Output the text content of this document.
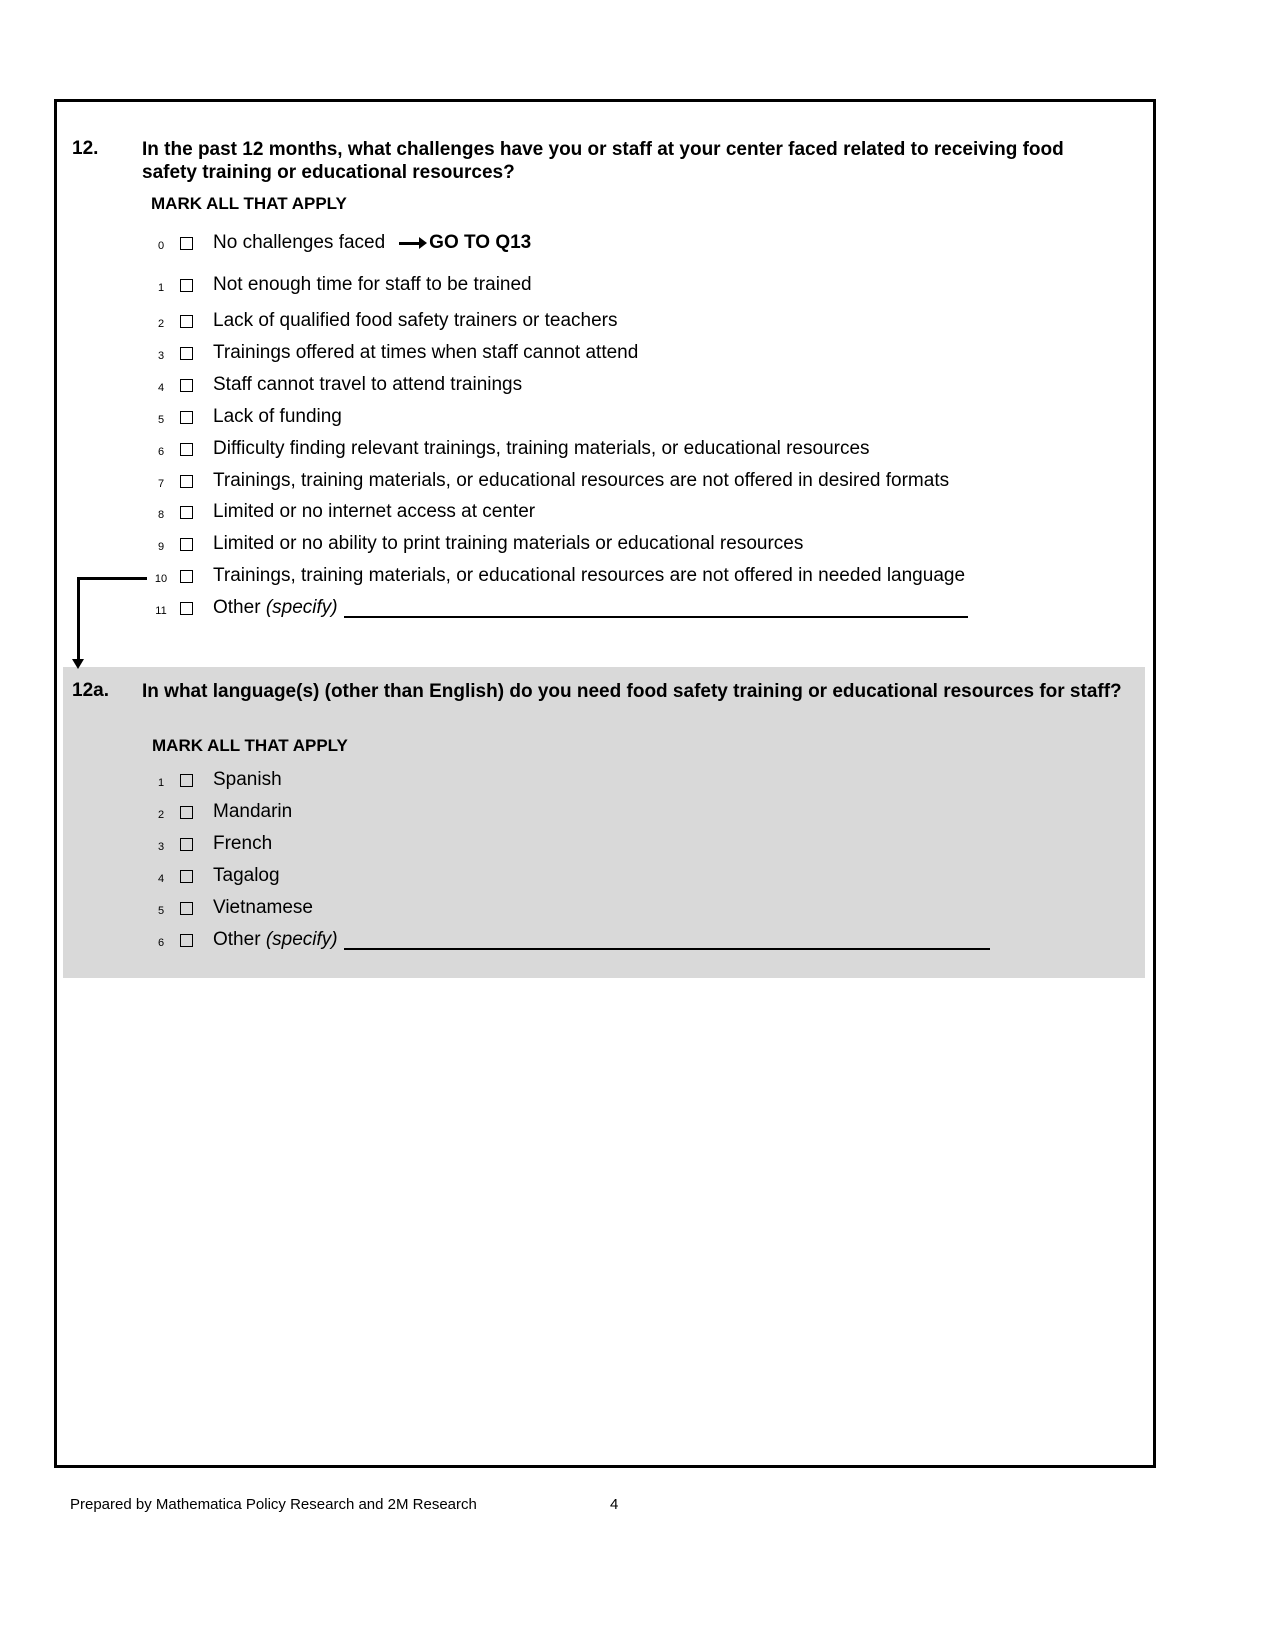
12. In the past 12 months, what challenges have you or staff at your center faced related to receiving food safety training or educational resources?
MARK ALL THAT APPLY
0	No challenges faced GO TO Q13
1	Not enough time for staff to be trained
2	Lack of qualified food safety trainers or teachers
3	Trainings offered at times when staff cannot attend
4	Staff cannot travel to attend trainings
5	Lack of funding
6	Difficulty finding relevant trainings, training materials, or educational resources
7	Trainings, training materials, or educational resources are not offered in desired formats
8	Limited or no internet access at center
9	Limited or no ability to print training materials or educational resources
10 Trainings, training materials, or educational resources are not offered in needed language
11 Other
(specify)
12a. In what language(s) (other than English) do you need food safety training or educational resources for staff?
MARK ALL THAT APPLY
1	Spanish
2	Mandarin
3	French
4	Tagalog
5	Vietnamese
6	Other
(specify)
Prepared by Mathematica Policy Research and 2M Research	4
